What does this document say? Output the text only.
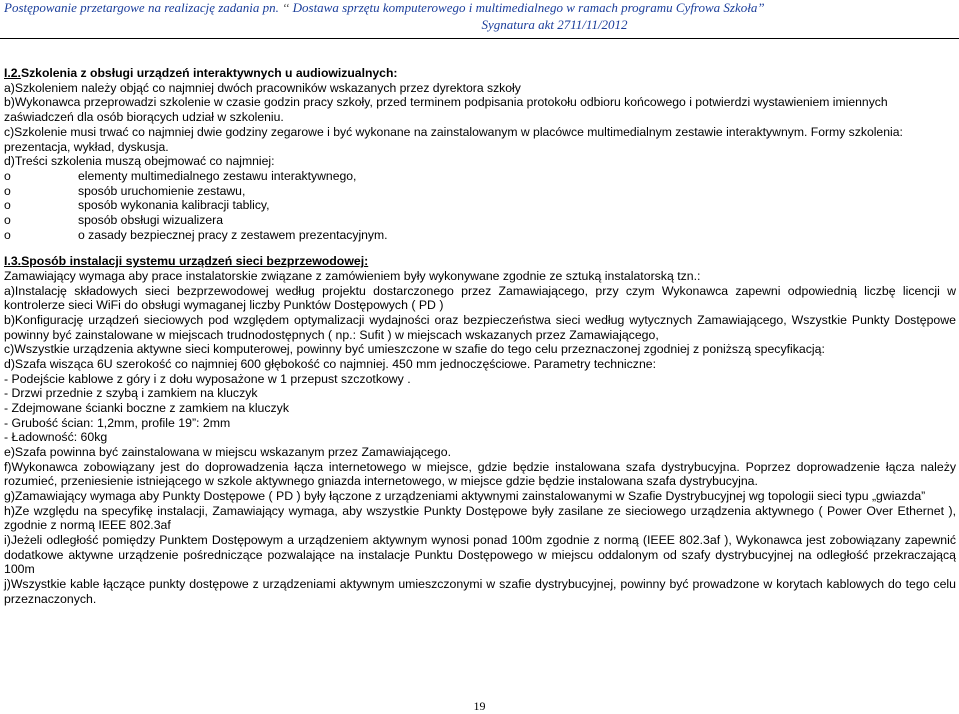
Postępowanie przetargowe na realizację zadania pn. ‘‘ Dostawa sprzętu komputerowego i multimedialnego w ramach programu Cyfrowa Szkoła”
Sygnatura akt 2711/11/2012

I.2.Szkolenia z obsługi urządzeń interaktywnych u audiowizualnych:

a)Szkoleniem należy objąć co najmniej dwóch pracowników wskazanych przez dyrektora szkoły

b)Wykonawca przeprowadzi szkolenie w czasie godzin pracy szkoły, przed terminem podpisania protokołu odbioru końcowego i potwierdzi wystawieniem imiennych zaświadczeń dla osób biorących udział w szkoleniu.

c)Szkolenie musi trwać co najmniej dwie godziny zegarowe i być wykonane na zainstalowanym w placówce multimedialnym zestawie interaktywnym. Formy szkolenia: prezentacja, wykład, dyskusja.

d)Treści szkolenia muszą obejmować co najmniej:

o	elementy multimedialnego zestawu interaktywnego,
o	sposób uruchomienie zestawu,
o	sposób wykonania kalibracji tablicy,
o	sposób obsługi wizualizera
o	o zasady bezpiecznej pracy z zestawem prezentacyjnym.

I.3.Sposób instalacji systemu urządzeń sieci bezprzewodowej:

Zamawiający wymaga aby prace instalatorskie związane z zamówieniem były wykonywane zgodnie ze sztuką instalatorską tzn.:

a)Instalację składowych sieci bezprzewodowej według projektu dostarczonego przez Zamawiającego, przy czym Wykonawca zapewni odpowiednią liczbę licencji w kontrolerze sieci WiFi do obsługi wymaganej liczby Punktów Dostępowych ( PD )

b)Konfigurację urządzeń sieciowych pod względem optymalizacji wydajności oraz bezpieczeństwa sieci według wytycznych Zamawiającego, Wszystkie Punkty Dostępowe powinny być zainstalowane w miejscach trudnodostępnych ( np.: Sufit ) w miejscach wskazanych przez Zamawiającego,

c)Wszystkie urządzenia aktywne sieci komputerowej, powinny być umieszczone w szafie do tego celu przeznaczonej zgodniej z poniższą specyfikacją:

d)Szafa wisząca 6U szerokość co najmniej 600 głębokość co najmniej. 450 mm jednoczęściowe. Parametry techniczne:

- Podejście kablowe z góry i z dołu wyposażone w 1 przepust szczotkowy .

- Drzwi przednie z szybą i zamkiem na kluczyk

- Zdejmowane ścianki boczne z zamkiem na kluczyk

- Grubość ścian: 1,2mm, profile 19”: 2mm

- Ładowność: 60kg

e)Szafa powinna być zainstalowana w miejscu wskazanym przez Zamawiającego.

f)Wykonawca zobowiązany jest do doprowadzenia łącza internetowego w miejsce, gdzie będzie instalowana szafa dystrybucyjna. Poprzez doprowadzenie łącza należy rozumieć, przeniesienie istniejącego w szkole aktywnego gniazda internetowego, w miejsce gdzie będzie instalowana szafa dystrybucyjna.

g)Zamawiający wymaga aby Punkty Dostępowe ( PD ) były łączone z urządzeniami aktywnymi zainstalowanymi w Szafie Dystrybucyjnej wg topologii sieci typu „gwiazda”

h)Ze względu na specyfikę instalacji, Zamawiający wymaga, aby wszystkie Punkty Dostępowe były zasilane ze sieciowego urządzenia aktywnego ( Power Over Ethernet ), zgodnie z normą IEEE 802.3af

i)Jeżeli odległość pomiędzy Punktem Dostępowym a urządzeniem aktywnym wynosi ponad 100m zgodnie z normą (IEEE 802.3af ), Wykonawca jest zobowiązany zapewnić dodatkowe aktywne urządzenie pośredniczące pozwalające na instalacje Punktu Dostępowego w miejscu oddalonym od szafy dystrybucyjnej na odległość przekraczającą 100m

j)Wszystkie kable łączące punkty dostępowe z urządzeniami aktywnym umieszczonymi w szafie dystrybucyjnej, powinny być prowadzone w korytach kablowych do tego celu przeznaczonych.

19
